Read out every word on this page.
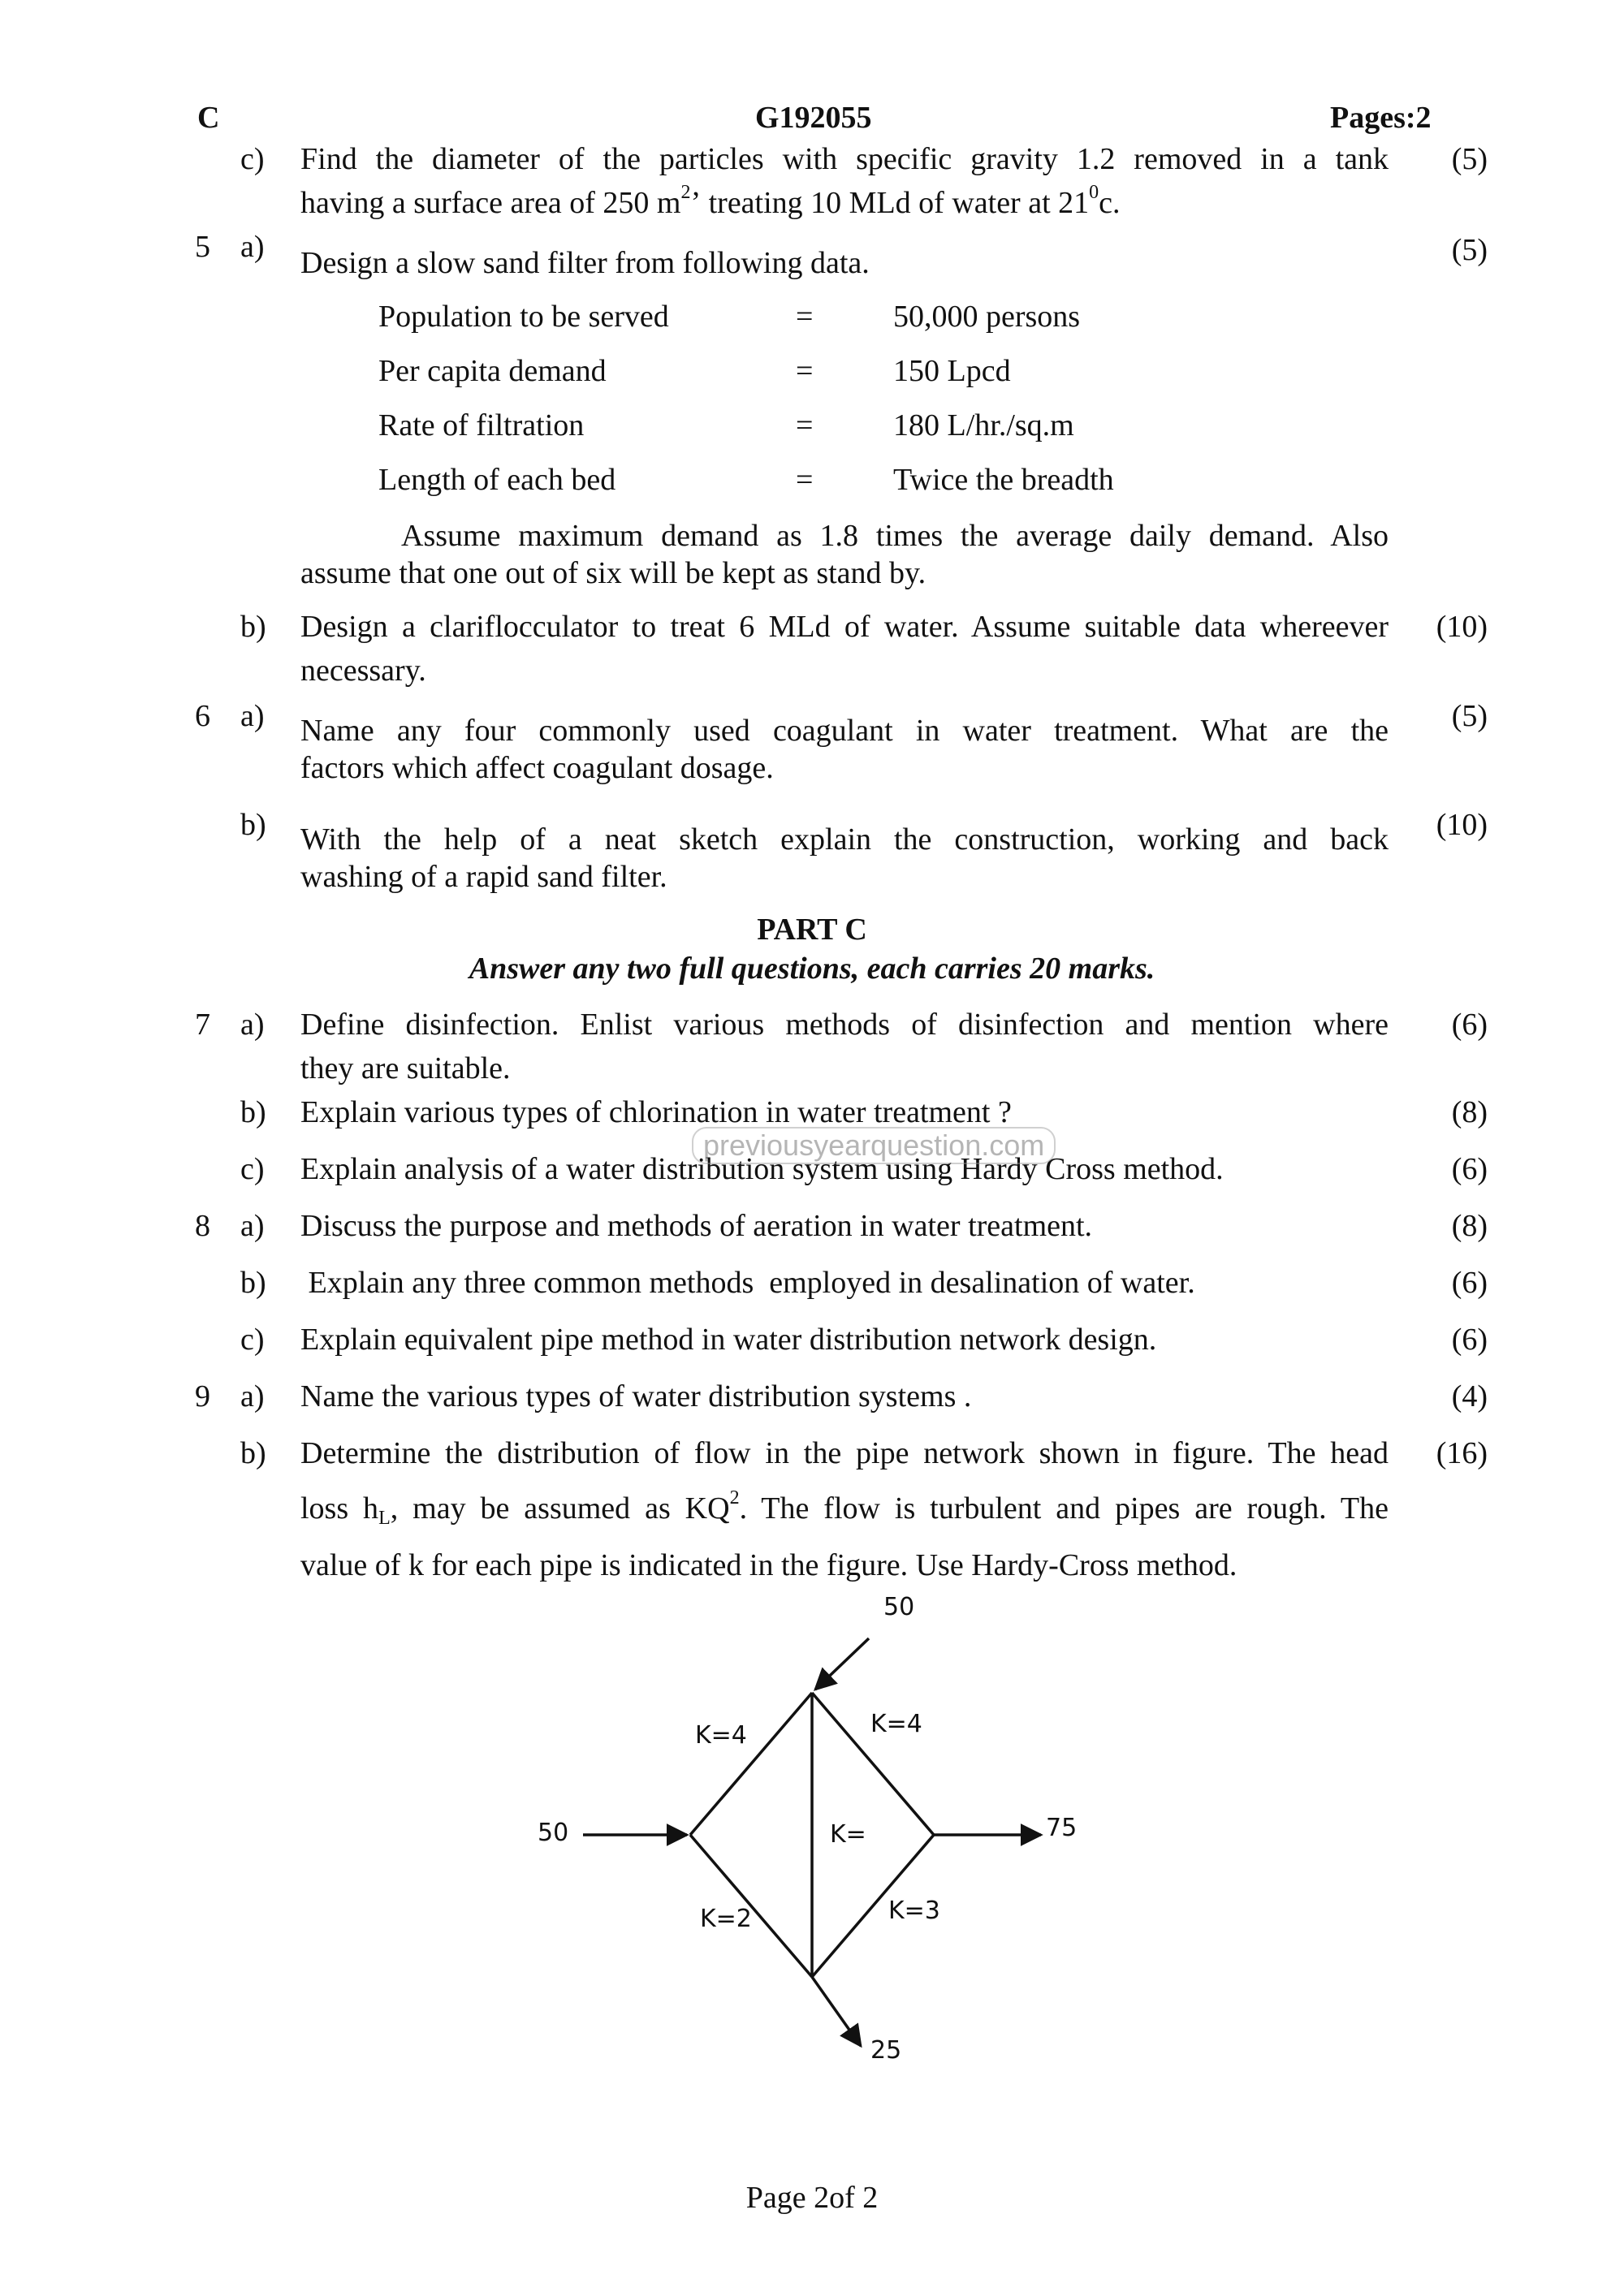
C	G192055	Pages:2
c) Find the diameter of the particles with specific gravity 1.2 removed in a tank	(5)
having a surface area of 250 $m^2ʼ$ treating 10 MLd of water at $21^0c$.
5 a)	(5)
Design a slow sand filter from following data.
Population to be served	=	50,000 persons
Per capita demand	=	150 Lpcd
Rate of filtration	=	180 L/hr./sq.m
Length of each bed	=	Twice the breadth
Assume maximum demand as 1.8 times the average daily demand. Also
assume that one out of six will be kept as stand by.
b) Design a clariflocculator to treat 6 MLd of water. Assume suitable data whereever	(10)
necessary.
6 a)	(5)
Name any four commonly used coagulant in water treatment. What are the
factors which affect coagulant dosage.
b)	(10)
With the help of a neat sketch explain the construction, working and back
washing of a rapid sand filter.
PART C
Answer any two full questions, each carries 20 marks.
7 a) Define disinfection. Enlist various methods of disinfection and mention where	(6)
they are suitable.
b) Explain various types of chlorination in water treatment ?	(8)
c) Explain analysis of a water distribution system using Hardy Cross method.	(6)
previousyearquestion.com
8 a) Discuss the purpose and methods of aeration in water treatment.	(8)
b) Explain any three common methods  employed in desalination of water.	(6)
c) Explain equivalent pipe method in water distribution network design.	(6)
9 a) Name the various types of water distribution systems .	(4)
b) Determine the distribution of flow in the pipe network shown in figure. The head	(16)
loss $h_L$, may be assumed as $KQ^2$. The flow is turbulent and pipes are rough. The
value of k for each pipe is indicated in the figure. Use Hardy-Cross method.
50
50	75
25
K=4	K=4
K=
K=2	K=3
Page 2of 2
